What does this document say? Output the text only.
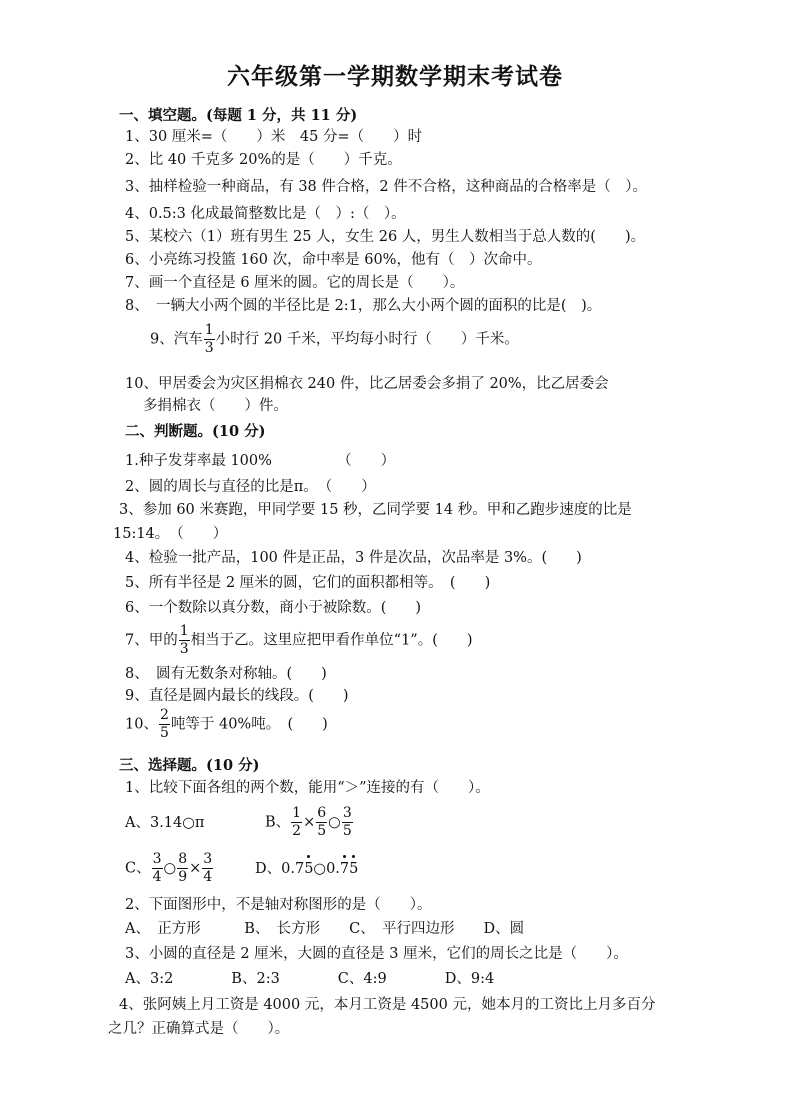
六年级第一学期数学期末考试卷
一、填空题。(每题 1 分，共 11 分)
1、30 厘米=（　　）米　45 分=（　　）时
2、比 40 千克多 20%的是（　　）千克。
3、抽样检验一种商品，有 38 件合格，2 件不合格，这种商品的合格率是（　）。
4、0.5:3 化成最简整数比是（　）:（　）。
5、某校六（1）班有男生 25 人，女生 26 人，男生人数相当于总人数的(　　)。
6、小亮练习投篮 160 次，命中率是 60%，他有（　）次命中。
7、画一个直径是 6 厘米的圆。它的周长是（　　）。
8、　一辆大小两个圆的半径比是 2:1，那么大小两个圆的面积的比是(　)。
9、汽车 $\frac{1}{3}$ 小时行 20 千米，平均每小时行（　　）千米。
10、甲居委会为灾区捐棉衣 240 件，比乙居委会多捐了 20%，比乙居委会
多捐棉衣（　　）件。
二、判断题。(10 分)
1.种子发芽率最 100%　　　　　（　　）
2、圆的周长与直径的比是π。　（　　）
3、参加 60 米赛跑，甲同学要 15 秒，乙同学要 14 秒。甲和乙跑步速度的比是
15:14。　（　　）
4、检验一批产品，100 件是正品，3 件是次品，次品率是 3%。(　　)
5、所有半径是 2 厘米的圆，它们的面积都相等。　(　　)
6、一个数除以真分数，商小于被除数。(　　)
7、甲的 $\frac{1}{3}$ 相当于乙。这里应把甲看作单位“1”。(　　)
8、　圆有无数条对称轴。(　　)
9、直径是圆内最长的线段。(　　)
10、 $\frac{2}{5}$ 吨等于 40%吨。　(　　)
三、选择题。(10 分)
1、比较下面各组的两个数，能用“＞”连接的有（　　）。
A、3.14○π	B、 $\frac{1}{2} \times \frac{6}{5}$ ○ $\frac{3}{5}$
C、 $\frac{3}{4}$ ○ $\frac{8}{9} \times \frac{3}{4}$	D、0.75○0.75
2、下面图形中，不是轴对称图形的是（　　）。
A、　正方形　　　B、　长方形　　C、　平行四边形　　D、圆
3、小圆的直径是 2 厘米，大圆的直径是 3 厘米，它们的周长之比是（　　）。
A、3:2　　　　B、2:3　　　　C、4:9　　　　D、9:4
4、张阿姨上月工资是 4000 元，本月工资是 4500 元，她本月的工资比上月多百分
之几？正确算式是（　　）。
